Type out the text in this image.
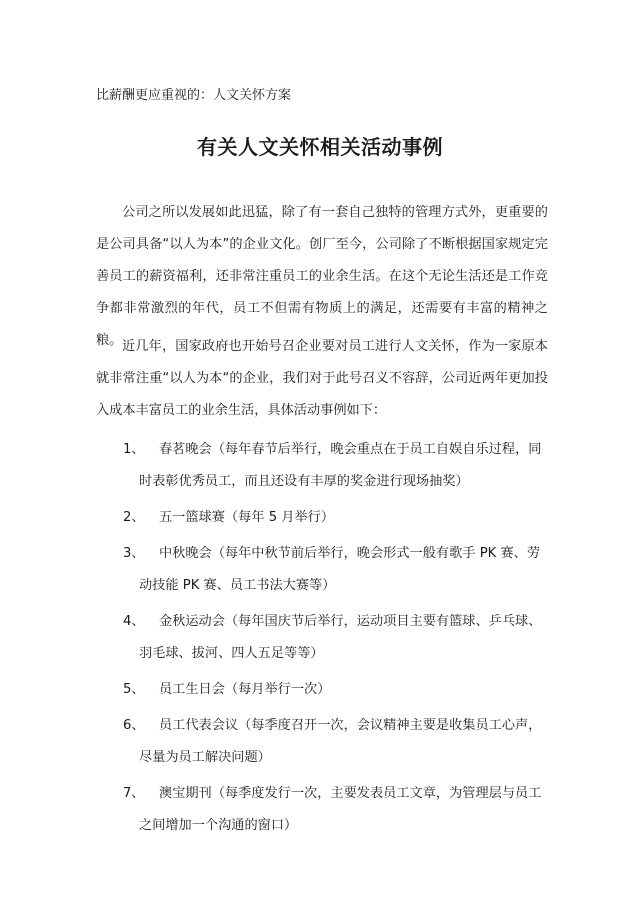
比薪酬更应重视的：人文关怀方案
有关人文关怀相关活动事例

公司之所以发展如此迅猛，除了有一套自己独特的管理方式外，更重要的是公司具备“以人为本”的企业文化。创厂至今，公司除了不断根据国家规定完善员工的薪资福利，还非常注重员工的业余生活。在这个无论生活还是工作竞争都非常激烈的年代，员工不但需有物质上的满足，还需要有丰富的精神之粮。 近几年，国家政府也开始号召企业要对员工进行人文关怀，作为一家原本就非常注重“以人为本“的企业，我们对于此号召义不容辞，公司近两年更加投入成本丰富员工的业余生活，具体活动事例如下：

1、	春茗晚会（每年春节后举行，晚会重点在于员工自娱自乐过程，同时表彰优秀员工，而且还设有丰厚的奖金进行现场抽奖）
2、	五一篮球赛（每年 5 月举行）
3、	中秋晚会（每年中秋节前后举行，晚会形式一般有歌手 PK 赛、劳动技能 PK 赛、员工书法大赛等）
4、	金秋运动会（每年国庆节后举行，运动项目主要有篮球、乒乓球、羽毛球、拔河、四人五足等等）
5、	员工生日会（每月举行一次）
6、	员工代表会议（每季度召开一次，会议精神主要是收集员工心声，尽量为员工解决问题）
7、	澳宝期刊（每季度发行一次，主要发表员工文章，为管理层与员工之间增加一个沟通的窗口）
